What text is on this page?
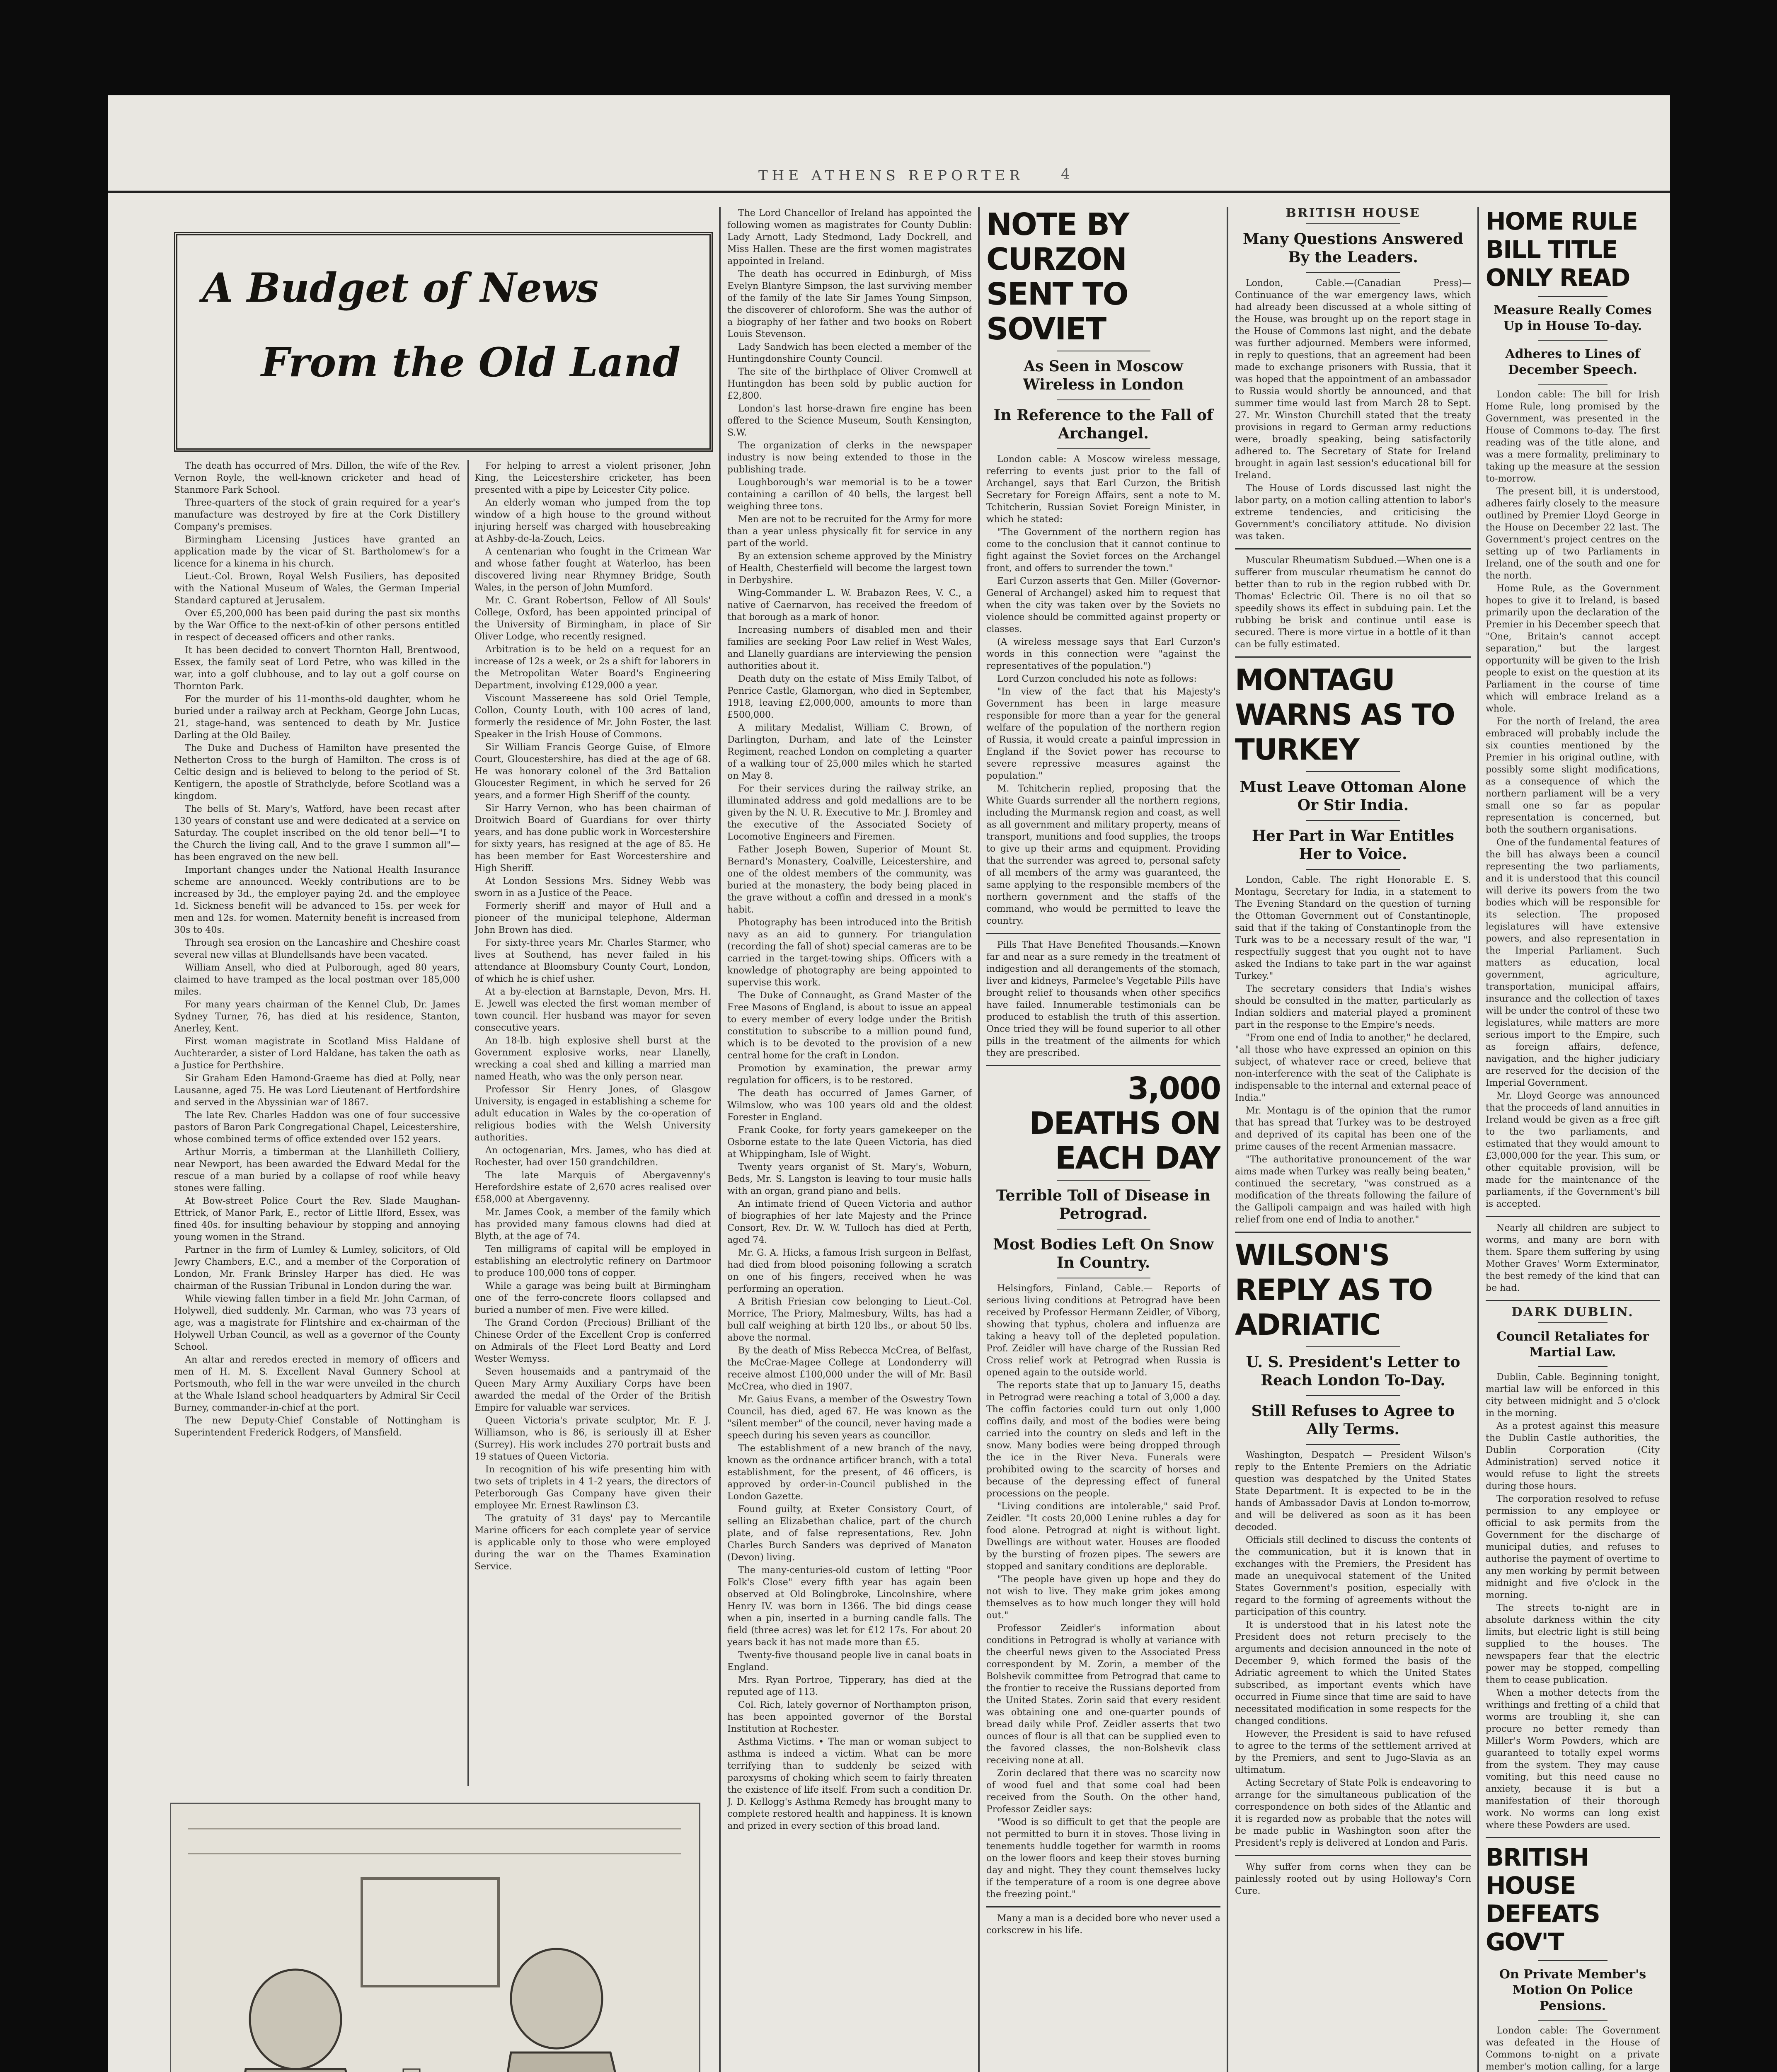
THE ATHENS REPORTER	4
A Budget of News
From the Old Land

The death has occurred of Mrs. Dillon, the wife of the Rev. Vernon Royle, the well-known cricketer and head of Stanmore Park School.

Three-quarters of the stock of grain required for a year's manufacture was destroyed by fire at the Cork Distillery Company's premises.

Birmingham Licensing Justices have granted an application made by the vicar of St. Bartholomew's for a licence for a kinema in his church.

Lieut.-Col. Brown, Royal Welsh Fusiliers, has deposited with the National Museum of Wales, the German Imperial Standard captured at Jerusalem.

Over £5,200,000 has been paid during the past six months by the War Office to the next-of-kin of other persons entitled in respect of deceased officers and other ranks.

It has been decided to convert Thornton Hall, Brentwood, Essex, the family seat of Lord Petre, who was killed in the war, into a golf clubhouse, and to lay out a golf course on Thornton Park.

For the murder of his 11-months-old daughter, whom he buried under a railway arch at Peckham, George John Lucas, 21, stage-hand, was sentenced to death by Mr. Justice Darling at the Old Bailey.

The Duke and Duchess of Hamilton have presented the Netherton Cross to the burgh of Hamilton. The cross is of Celtic design and is believed to belong to the period of St. Kentigern, the apostle of Strathclyde, before Scotland was a kingdom.

The bells of St. Mary's, Watford, have been recast after 130 years of constant use and were dedicated at a service on Saturday. The couplet inscribed on the old tenor bell—"I to the Church the living call, And to the grave I summon all"—has been engraved on the new bell.

Important changes under the National Health Insurance scheme are announced. Weekly contributions are to be increased by 3d., the employer paying 2d. and the employee 1d. Sickness benefit will be advanced to 15s. per week for men and 12s. for women. Maternity benefit is increased from 30s to 40s.

Through sea erosion on the Lancashire and Cheshire coast several new villas at Blundellsands have been vacated.

William Ansell, who died at Pulborough, aged 80 years, claimed to have tramped as the local postman over 185,000 miles.

For many years chairman of the Kennel Club, Dr. James Sydney Turner, 76, has died at his residence, Stanton, Anerley, Kent.

First woman magistrate in Scotland Miss Haldane of Auchterarder, a sister of Lord Haldane, has taken the oath as a Justice for Perthshire.

Sir Graham Eden Hamond-Graeme has died at Polly, near Lausanne, aged 75. He was Lord Lieutenant of Hertfordshire and served in the Abyssinian war of 1867.

The late Rev. Charles Haddon was one of four successive pastors of Baron Park Congregational Chapel, Leicestershire, whose combined terms of office extended over 152 years.

Arthur Morris, a timberman at the Llanhilleth Colliery, near Newport, has been awarded the Edward Medal for the rescue of a man buried by a collapse of roof while heavy stones were falling.

At Bow-street Police Court the Rev. Slade Maughan-Ettrick, of Manor Park, E., rector of Little Ilford, Essex, was fined 40s. for insulting behaviour by stopping and annoying young women in the Strand.

Partner in the firm of Lumley & Lumley, solicitors, of Old Jewry Chambers, E.C., and a member of the Corporation of London, Mr. Frank Brinsley Harper has died. He was chairman of the Russian Tribunal in London during the war.

While viewing fallen timber in a field Mr. John Carman, of Holywell, died suddenly. Mr. Carman, who was 73 years of age, was a magistrate for Flintshire and ex-chairman of the Holywell Urban Council, as well as a governor of the County School.

An altar and reredos erected in memory of officers and men of H. M. S. Excellent Naval Gunnery School at Portsmouth, who fell in the war were unveiled in the church at the Whale Island school headquarters by Admiral Sir Cecil Burney, commander-in-chief at the port.

The new Deputy-Chief Constable of Nottingham is Superintendent Frederick Rodgers, of Mansfield.

For helping to arrest a violent prisoner, John King, the Leicestershire cricketer, has been presented with a pipe by Leicester City police.

An elderly woman who jumped from the top window of a high house to the ground without injuring herself was charged with housebreaking at Ashby-de-la-Zouch, Leics.

A centenarian who fought in the Crimean War and whose father fought at Waterloo, has been discovered living near Rhymney Bridge, South Wales, in the person of John Mumford.

Mr. C. Grant Robertson, Fellow of All Souls' College, Oxford, has been appointed principal of the University of Birmingham, in place of Sir Oliver Lodge, who recently resigned.

Arbitration is to be held on a request for an increase of 12s a week, or 2s a shift for laborers in the Metropolitan Water Board's Engineering Department, involving £129,000 a year.

Viscount Massereene has sold Oriel Temple, Collon, County Louth, with 100 acres of land, formerly the residence of Mr. John Foster, the last Speaker in the Irish House of Commons.

Sir William Francis George Guise, of Elmore Court, Gloucestershire, has died at the age of 68. He was honorary colonel of the 3rd Battalion Gloucester Regiment, in which he served for 26 years, and a former High Sheriff of the county.

Sir Harry Vernon, who has been chairman of Droitwich Board of Guardians for over thirty years, and has done public work in Worcestershire for sixty years, has resigned at the age of 85. He has been member for East Worcestershire and High Sheriff.

At London Sessions Mrs. Sidney Webb was sworn in as a Justice of the Peace.

Formerly sheriff and mayor of Hull and a pioneer of the municipal telephone, Alderman John Brown has died.

For sixty-three years Mr. Charles Starmer, who lives at Southend, has never failed in his attendance at Bloomsbury County Court, London, of which he is chief usher.

At a by-election at Barnstaple, Devon, Mrs. H. E. Jewell was elected the first woman member of town council. Her husband was mayor for seven consecutive years.

An 18-lb. high explosive shell burst at the Government explosive works, near Llanelly, wrecking a coal shed and killing a married man named Heath, who was the only person near.

Professor Sir Henry Jones, of Glasgow University, is engaged in establishing a scheme for adult education in Wales by the co-operation of religious bodies with the Welsh University authorities.

An octogenarian, Mrs. James, who has died at Rochester, had over 150 grandchildren.

The late Marquis of Abergavenny's Herefordshire estate of 2,670 acres realised over £58,000 at Abergavenny.

Mr. James Cook, a member of the family which has provided many famous clowns had died at Blyth, at the age of 74.

Ten milligrams of capital will be employed in establishing an electrolytic refinery on Dartmoor to produce 100,000 tons of copper.

While a garage was being built at Birmingham one of the ferro-concrete floors collapsed and buried a number of men. Five were killed.

The Grand Cordon (Precious) Brilliant of the Chinese Order of the Excellent Crop is conferred on Admirals of the Fleet Lord Beatty and Lord Wester Wemyss.

Seven housemaids and a pantrymaid of the Queen Mary Army Auxiliary Corps have been awarded the medal of the Order of the British Empire for valuable war services.

Queen Victoria's private sculptor, Mr. F. J. Williamson, who is 86, is seriously ill at Esher (Surrey). His work includes 270 portrait busts and 19 statues of Queen Victoria.

In recognition of his wife presenting him with two sets of triplets in 4 1-2 years, the directors of Peterborough Gas Company have given their employee Mr. Ernest Rawlinson £3.

The gratuity of 31 days' pay to Mercantile Marine officers for each complete year of service is applicable only to those who were employed during the war on the Thames Examination Service.

The Lord Chancellor of Ireland has appointed the following women as magistrates for County Dublin: Lady Arnott, Lady Stedmond, Lady Dockrell, and Miss Hallen. These are the first women magistrates appointed in Ireland.

The death has occurred in Edinburgh, of Miss Evelyn Blantyre Simpson, the last surviving member of the family of the late Sir James Young Simpson, the discoverer of chloroform. She was the author of a biography of her father and two books on Robert Louis Stevenson.

Lady Sandwich has been elected a member of the Huntingdonshire County Council.

The site of the birthplace of Oliver Cromwell at Huntingdon has been sold by public auction for £2,800.

London's last horse-drawn fire engine has been offered to the Science Museum, South Kensington, S.W.

The organization of clerks in the newspaper industry is now being extended to those in the publishing trade.

Loughborough's war memorial is to be a tower containing a carillon of 40 bells, the largest bell weighing three tons.

Men are not to be recruited for the Army for more than a year unless physically fit for service in any part of the world.

By an extension scheme approved by the Ministry of Health, Chesterfield will become the largest town in Derbyshire.

Wing-Commander L. W. Brabazon Rees, V. C., a native of Caernarvon, has received the freedom of that borough as a mark of honor.

Increasing numbers of disabled men and their families are seeking Poor Law relief in West Wales, and Llanelly guardians are interviewing the pension authorities about it.

Death duty on the estate of Miss Emily Talbot, of Penrice Castle, Glamorgan, who died in September, 1918, leaving £2,000,000, amounts to more than £500,000.

A military Medalist, William C. Brown, of Darlington, Durham, and late of the Leinster Regiment, reached London on completing a quarter of a walking tour of 25,000 miles which he started on May 8.

For their services during the railway strike, an illuminated address and gold medallions are to be given by the N. U. R. Executive to Mr. J. Bromley and the executive of the Associated Society of Locomotive Engineers and Firemen.

Father Joseph Bowen, Superior of Mount St. Bernard's Monastery, Coalville, Leicestershire, and one of the oldest members of the community, was buried at the monastery, the body being placed in the grave without a coffin and dressed in a monk's habit.

Photography has been introduced into the British navy as an aid to gunnery. For triangulation (recording the fall of shot) special cameras are to be carried in the target-towing ships. Officers with a knowledge of photography are being appointed to supervise this work.

The Duke of Connaught, as Grand Master of the Free Masons of England, is about to issue an appeal to every member of every lodge under the British constitution to subscribe to a million pound fund, which is to be devoted to the provision of a new central home for the craft in London.

Promotion by examination, the prewar army regulation for officers, is to be restored.

The death has occurred of James Garner, of Wilmslow, who was 100 years old and the oldest Forester in England.

Frank Cooke, for forty years gamekeeper on the Osborne estate to the late Queen Victoria, has died at Whippingham, Isle of Wight.

Twenty years organist of St. Mary's, Woburn, Beds, Mr. S. Langston is leaving to tour music halls with an organ, grand piano and bells.

An intimate friend of Queen Victoria and author of biographies of her late Majesty and the Prince Consort, Rev. Dr. W. W. Tulloch has died at Perth, aged 74.

Mr. G. A. Hicks, a famous Irish surgeon in Belfast, had died from blood poisoning following a scratch on one of his fingers, received when he was performing an operation.

A British Friesian cow belonging to Lieut.-Col. Morrice, The Priory, Malmesbury, Wilts, has had a bull calf weighing at birth 120 lbs., or about 50 lbs. above the normal.

By the death of Miss Rebecca McCrea, of Belfast, the McCrae-Magee College at Londonderry will receive almost £100,000 under the will of Mr. Basil McCrea, who died in 1907.

Mr. Gaius Evans, a member of the Oswestry Town Council, has died, aged 67. He was known as the "silent member" of the council, never having made a speech during his seven years as councillor.

The establishment of a new branch of the navy, known as the ordnance artificer branch, with a total establishment, for the present, of 46 officers, is approved by order-in-Council published in the London Gazette.

Found guilty, at Exeter Consistory Court, of selling an Elizabethan chalice, part of the church plate, and of false representations, Rev. John Charles Burch Sanders was deprived of Manaton (Devon) living.

The many-centuries-old custom of letting "Poor Folk's Close" every fifth year has again been observed at Old Bolingbroke, Lincolnshire, where Henry IV. was born in 1366. The bid dings cease when a pin, inserted in a burning candle falls. The field (three acres) was let for £12 17s. For about 20 years back it has not made more than £5.

Twenty-five thousand people live in canal boats in England.

Mrs. Ryan Portroe, Tipperary, has died at the reputed age of 113.

Col. Rich, lately governor of Northampton prison, has been appointed governor of the Borstal Institution at Rochester.

Asthma Victims. • The man or woman subject to asthma is indeed a victim. What can be more terrifying than to suddenly be seized with paroxysms of choking which seem to fairly threaten the existence of life itself. From such a condition Dr. J. D. Kellogg's Asthma Remedy has brought many to complete restored health and happiness. It is known and prized in every section of this broad land.

NOTE BY CURZON SENT TO SOVIET
As Seen in Moscow Wireless in London
In Reference to the Fall of Archangel.

London cable: A Moscow wireless message, referring to events just prior to the fall of Archangel, says that Earl Curzon, the British Secretary for Foreign Affairs, sent a note to M. Tchitcherin, Russian Soviet Foreign Minister, in which he stated:

"The Government of the northern region has come to the conclusion that it cannot continue to fight against the Soviet forces on the Archangel front, and offers to surrender the town."

Earl Curzon asserts that Gen. Miller (Governor-General of Archangel) asked him to request that when the city was taken over by the Soviets no violence should be committed against property or classes.

(A wireless message says that Earl Curzon's words in this connection were "against the representatives of the population.")

Lord Curzon concluded his note as follows:

"In view of the fact that his Majesty's Government has been in large measure responsible for more than a year for the general welfare of the population of the northern region of Russia, it would create a painful impression in England if the Soviet power has recourse to severe repressive measures against the population."

M. Tchitcherin replied, proposing that the White Guards surrender all the northern regions, including the Murmansk region and coast, as well as all government and military property, means of transport, munitions and food supplies, the troops to give up their arms and equipment. Providing that the surrender was agreed to, personal safety of all members of the army was guaranteed, the same applying to the responsible members of the northern government and the staffs of the command, who would be permitted to leave the country.

Pills That Have Benefited Thousands.—Known far and near as a sure remedy in the treatment of indigestion and all derangements of the stomach, liver and kidneys, Parmelee's Vegetable Pills have brought relief to thousands when other specifics have failed. Innumerable testimonials can be produced to establish the truth of this assertion. Once tried they will be found superior to all other pills in the treatment of the ailments for which they are prescribed.

3,000 DEATHS ON EACH DAY
Terrible Toll of Disease in Petrograd.
Most Bodies Left On Snow In Country.

Helsingfors, Finland, Cable.— Reports of serious living conditions at Petrograd have been received by Professor Hermann Zeidler, of Viborg, showing that typhus, cholera and influenza are taking a heavy toll of the depleted population. Prof. Zeidler will have charge of the Russian Red Cross relief work at Petrograd when Russia is opened again to the outside world.

The reports state that up to January 15, deaths in Petrograd were reaching a total of 3,000 a day. The coffin factories could turn out only 1,000 coffins daily, and most of the bodies were being carried into the country on sleds and left in the snow. Many bodies were being dropped through the ice in the River Neva. Funerals were prohibited owing to the scarcity of horses and because of the depressing effect of funeral processions on the people.

"Living conditions are intolerable," said Prof. Zeidler. "It costs 20,000 Lenine rubles a day for food alone. Petrograd at night is without light. Dwellings are without water. Houses are flooded by the bursting of frozen pipes. The sewers are stopped and sanitary conditions are deplorable.

"The people have given up hope and they do not wish to live. They make grim jokes among themselves as to how much longer they will hold out."

Professor Zeidler's information about conditions in Petrograd is wholly at variance with the cheerful news given to the Associated Press correspondent by M. Zorin, a member of the Bolshevik committee from Petrograd that came to the frontier to receive the Russians deported from the United States. Zorin said that every resident was obtaining one and one-quarter pounds of bread daily while Prof. Zeidler asserts that two ounces of flour is all that can be supplied even to the favored classes, the non-Bolshevik class receiving none at all.

Zorin declared that there was no scarcity now of wood fuel and that some coal had been received from the South. On the other hand, Professor Zeidler says:

"Wood is so difficult to get that the people are not permitted to burn it in stoves. Those living in tenements huddle together for warmth in rooms on the lower floors and keep their stoves burning day and night. They they count themselves lucky if the temperature of a room is one degree above the freezing point."

Many a man is a decided bore who never used a corkscrew in his life.

BRITISH HOUSE
Many Questions Answered By the Leaders.

London, Cable.—(Canadian Press)—Continuance of the war emergency laws, which had already been discussed at a whole sitting of the House, was brought up on the report stage in the House of Commons last night, and the debate was further adjourned. Members were informed, in reply to questions, that an agreement had been made to exchange prisoners with Russia, that it was hoped that the appointment of an ambassador to Russia would shortly be announced, and that summer time would last from March 28 to Sept. 27. Mr. Winston Churchill stated that the treaty provisions in regard to German army reductions were, broadly speaking, being satisfactorily adhered to. The Secretary of State for Ireland brought in again last session's educational bill for Ireland.

The House of Lords discussed last night the labor party, on a motion calling attention to labor's extreme tendencies, and criticising the Government's conciliatory attitude. No division was taken.

Muscular Rheumatism Subdued.—When one is a sufferer from muscular rheumatism he cannot do better than to rub in the region rubbed with Dr. Thomas' Eclectric Oil. There is no oil that so speedily shows its effect in subduing pain. Let the rubbing be brisk and continue until ease is secured. There is more virtue in a bottle of it than can be fully estimated.

MONTAGU WARNS AS TO TURKEY
Must Leave Ottoman Alone Or Stir India.
Her Part in War Entitles Her to Voice.

London, Cable. The right Honorable E. S. Montagu, Secretary for India, in a statement to The Evening Standard on the question of turning the Ottoman Government out of Constantinople, said that if the taking of Constantinople from the Turk was to be a necessary result of the war, "I respectfully suggest that you ought not to have asked the Indians to take part in the war against Turkey."

The secretary considers that India's wishes should be consulted in the matter, particularly as Indian soldiers and material played a prominent part in the response to the Empire's needs.

"From one end of India to another," he declared, "all those who have expressed an opinion on this subject, of whatever race or creed, believe that non-interference with the seat of the Caliphate is indispensable to the internal and external peace of India."

Mr. Montagu is of the opinion that the rumor that has spread that Turkey was to be destroyed and deprived of its capital has been one of the prime causes of the recent Armenian massacre.

"The authoritative pronouncement of the war aims made when Turkey was really being beaten," continued the secretary, "was construed as a modification of the threats following the failure of the Gallipoli campaign and was hailed with high relief from one end of India to another."

WILSON'S REPLY AS TO ADRIATIC
U. S. President's Letter to Reach London To-Day.
Still Refuses to Agree to Ally Terms.

Washington, Despatch — President Wilson's reply to the Entente Premiers on the Adriatic question was despatched by the United States State Department. It is expected to be in the hands of Ambassador Davis at London to-morrow, and will be delivered as soon as it has been decoded.

Officials still declined to discuss the contents of the communication, but it is known that in exchanges with the Premiers, the President has made an unequivocal statement of the United States Government's position, especially with regard to the forming of agreements without the participation of this country.

It is understood that in his latest note the President does not return precisely to the arguments and decision announced in the note of December 9, which formed the basis of the Adriatic agreement to which the United States subscribed, as important events which have occurred in Fiume since that time are said to have necessitated modification in some respects for the changed conditions.

However, the President is said to have refused to agree to the terms of the settlement arrived at by the Premiers, and sent to Jugo-Slavia as an ultimatum.

Acting Secretary of State Polk is endeavoring to arrange for the simultaneous publication of the correspondence on both sides of the Atlantic and it is regarded now as probable that the notes will be made public in Washington soon after the President's reply is delivered at London and Paris.

Why suffer from corns when they can be painlessly rooted out by using Holloway's Corn Cure.

HOME RULE BILL TITLE ONLY READ
Measure Really Comes Up in House To-day.
Adheres to Lines of December Speech.

London cable: The bill for Irish Home Rule, long promised by the Government, was presented in the House of Commons to-day. The first reading was of the title alone, and was a mere formality, preliminary to taking up the measure at the session to-morrow.

The present bill, it is understood, adheres fairly closely to the measure outlined by Premier Lloyd George in the House on December 22 last. The Government's project centres on the setting up of two Parliaments in Ireland, one of the south and one for the north.

Home Rule, as the Government hopes to give it to Ireland, is based primarily upon the declaration of the Premier in his December speech that "One, Britain's cannot accept separation," but the largest opportunity will be given to the Irish people to exist on the question at its Parliament in the course of time which will embrace Ireland as a whole.

For the north of Ireland, the area embraced will probably include the six counties mentioned by the Premier in his original outline, with possibly some slight modifications, as a consequence of which the northern parliament will be a very small one so far as popular representation is concerned, but both the southern organisations.

One of the fundamental features of the bill has always been a council representing the two parliaments, and it is understood that this council will derive its powers from the two bodies which will be responsible for its selection. The proposed legislatures will have extensive powers, and also representation in the Imperial Parliament. Such matters as education, local government, agriculture, transportation, municipal affairs, insurance and the collection of taxes will be under the control of these two legislatures, while matters are more serious import to the Empire, such as foreign affairs, defence, navigation, and the higher judiciary are reserved for the decision of the Imperial Government.

Mr. Lloyd George was announced that the proceeds of land annuities in Ireland would be given as a free gift to the two parliaments, and estimated that they would amount to £3,000,000 for the year. This sum, or other equitable provision, will be made for the maintenance of the parliaments, if the Government's bill is accepted.

Nearly all children are subject to worms, and many are born with them. Spare them suffering by using Mother Graves' Worm Exterminator, the best remedy of the kind that can be had.

DARK DUBLIN.
Council Retaliates for Martial Law.

Dublin, Cable. Beginning tonight, martial law will be enforced in this city between midnight and 5 o'clock in the morning.

As a protest against this measure the Dublin Castle authorities, the Dublin Corporation (City Administration) served notice it would refuse to light the streets during those hours.

The corporation resolved to refuse permission to any employee or official to ask permits from the Government for the discharge of municipal duties, and refuses to authorise the payment of overtime to any men working by permit between midnight and five o'clock in the morning.

The streets to-night are in absolute darkness within the city limits, but electric light is still being supplied to the houses. The newspapers fear that the electric power may be stopped, compelling them to cease publication.

When a mother detects from the writhings and fretting of a child that worms are troubling it, she can procure no better remedy than Miller's Worm Powders, which are guaranteed to totally expel worms from the system. They may cause vomiting, but this need cause no anxiety, because it is but a manifestation of their thorough work. No worms can long exist where these Powders are used.

BRITISH HOUSE DEFEATS GOV'T
On Private Member's Motion On Police Pensions.

London cable: The Government was defeated in the House of Commons to-night on a private member's motion calling, for a large
